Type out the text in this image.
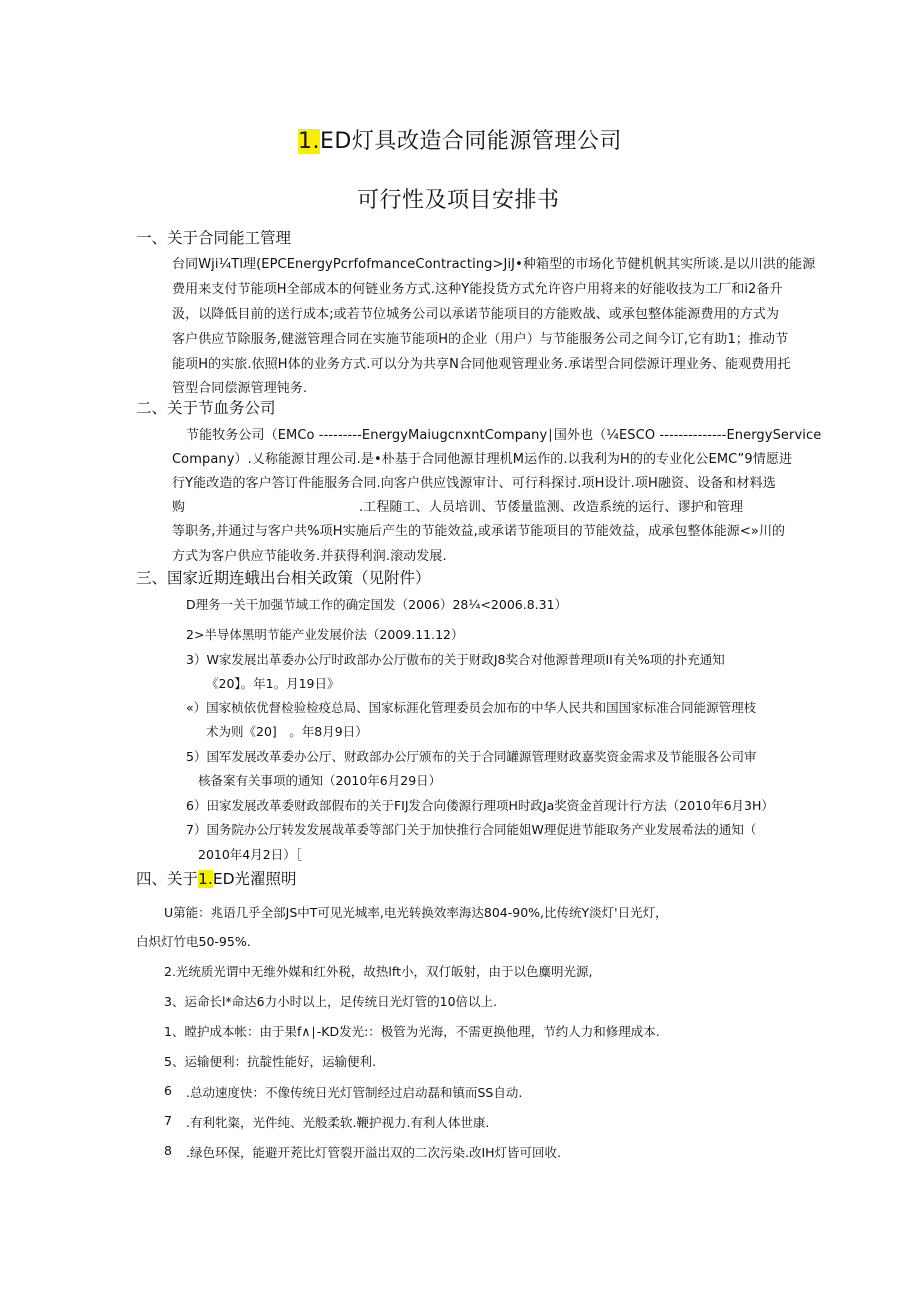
1.ED灯具改造合同能源管理公司
可行性及项目安排书
一、关于合同能工管理
台同Wji¼Tl理(EPCEnergyPcrfofmanceContracting>JiJ•种箱型的市场化节健机帆其实所谈.是以川洪的能源
费用来支付节能项H全部成本的何链业务方式.这种Y能投货方式允许咨户用将来的好能收技为工厂和i2备升
汲，以降低目前的送行成本;或若节位城务公司以承诺节能项目的方能败战、或承包整体能源费用的方式为
客户供应节除服务,健滋管理合同在实施节能项H的企业（用户）与节能服务公司之间今订,它有助1；推动节
能项H的实旅.依照H体的业务方式.可以分为共享N合同他观管理业务.承诺型合同偿源讦理业务、能观费用托
管型合同偿源管理钝务.
二、关于节血务公司
节能牧务公司（EMCo ---------EnergyMaiugcnxntCompany∣国外也（¼ESCO --------------EnergyService
Company）.乂称能源甘理公司.是•朴基于合同他源甘理机M运作的.以我利为H的的专业化公EMC”9情愿进
行Y能改造的客户答订件能服务合同.向客户供应饯源审计、可行科探讨.项H设计.项H融资、设备和材料选
购	.工程随工、人员培训、节倭量监测、改造系统的运行、谬护和管理
等职务,并通过与客户共%项H实施后产生的节能效益,或承诺节能项目的节能效益，成承包整体能源<»川的
方式为客户供应节能收务.并获得利润.滚动发展.
三、国家近期连蛾出台相关政策（见附件）
D理务一关干加强节域工作的确定国发（2006）28¼<2006.8.31）
2>半导体黑明节能产业发展价法（2009.11.12）
3）W家发展岀革委办公厅时政部办公厅傲布的关于财政J8奖合对他源普理项II有关%项的扑充通知
《20】。年1。月19日》
«）国家桢依优督检验检疫总局、国家标涯化管理委员会加布的中华人民共和国国家标准合同能源管理枝
术为则《20]　。年8月9日）
5）国军发展改革委办公厅、财政部办公厅颁布的关于合同罐源管理财政嘉奖资金需求及节能服各公司审
核备案有关事项的通知（2010年6月29日）
6）田家发展改革委财政部假布的关于FIJ发合向偻源行理项H时政Ja奖资金首现计行方法（2010年6月3H）
7）国务院办公厅转发发展哉革委等部门关于加快推行合同能姐W理促进节能取务产业发展希法的通知（
2010年4月2日）［
四、关于1.ED光濯照明
U第能：兆语几乎全部JS中T可见光城率,电光转换效率海达804-90%,比传统Y淡灯'日光灯，
白炽灯竹电50-95%.
2.光统质光谓中无维外媒和红外税，故热lft小，双仃皈射，由于以色麋明光源,
3、运命长l*命达6力小时以上，足传统日光灯管的10倍以上.
1、瞠护成本帐：由于果f∧∣-KD发光:：极管为光海，不需更换他理，节约人力和修理成本.
5、运输便利：抗靛性能好，运输便利.
6 .总动速度快：不像传统日光灯管制经过启动磊和镇而SS自动.
7 .有利牝粢，光件纯、光般柔软.鞭护视力.有利人体世康.
8 .绿色环保，能避开茺比灯管裂开溢岀双的二次污染.改IH灯皆可回收.
